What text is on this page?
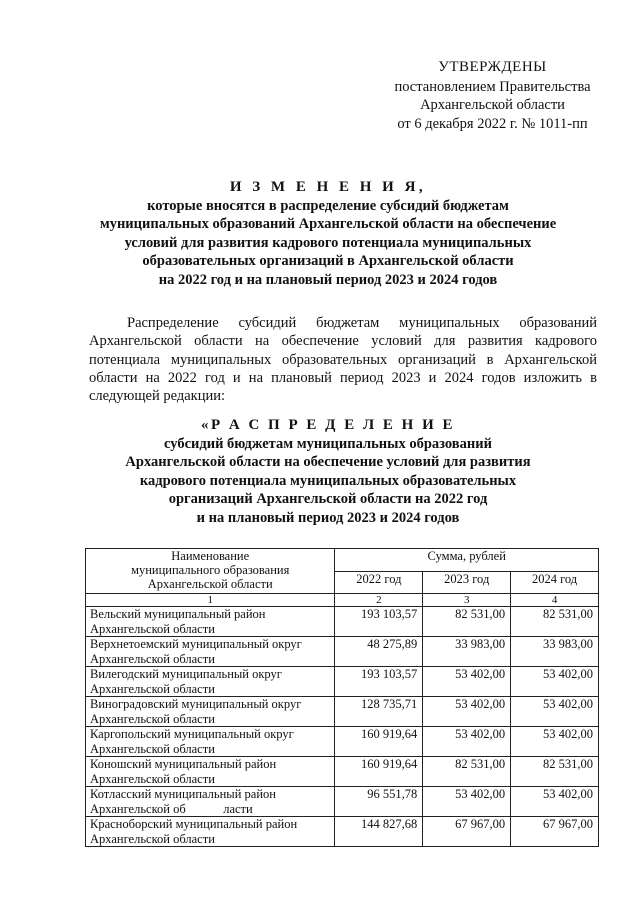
УТВЕРЖДЕНЫ
постановлением Правительства
Архангельской области
от 6 декабря 2022 г. № 1011-пп
И З М Е Н Е Н И Я,
которые вносятся в распределение субсидий бюджетам
муниципальных образований Архангельской области на обеспечение
условий для развития кадрового потенциала муниципальных
образовательных организаций в Архангельской области
на 2022 год и на плановый период 2023 и 2024 годов

Распределение субсидий бюджетам муниципальных образований Архангельской области на обеспечение условий для развития кадрового потенциала муниципальных образовательных организаций в Архангельской области на 2022 год и на плановый период 2023 и 2024 годов изложить в следующей редакции:

«Р А С П Р Е Д Е Л Е Н И Е
субсидий бюджетам муниципальных образований
Архангельской области на обеспечение условий для развития
кадрового потенциала муниципальных образовательных
организаций Архангельской области на 2022 год
и на плановый период 2023 и 2024 годов
Наименование
муниципального образования
Архангельской области	Сумма, рублей		
	2022 год	2023 год	2024 год
1	2	3	4

Вельский муниципальный район
Архангельской области	193 103,57	82 531,00	82 531,00

Верхнетоемский муниципальный округ
Архангельской области	48 275,89	33 983,00	33 983,00

Вилегодский муниципальный округ
Архангельской области	193 103,57	53 402,00	53 402,00

Виноградовский муниципальный округ
Архангельской области	128 735,71	53 402,00	53 402,00

Каргопольский муниципальный округ
Архангельской области	160 919,64	53 402,00	53 402,00

Коношский муниципальный район
Архангельской области	160 919,64	82 531,00	82 531,00

Котласский муниципальный район
Архангельской об            ласти	96 551,78	53 402,00	53 402,00

Красноборский муниципальный район
Архангельской области	144 827,68	67 967,00	67 967,00
